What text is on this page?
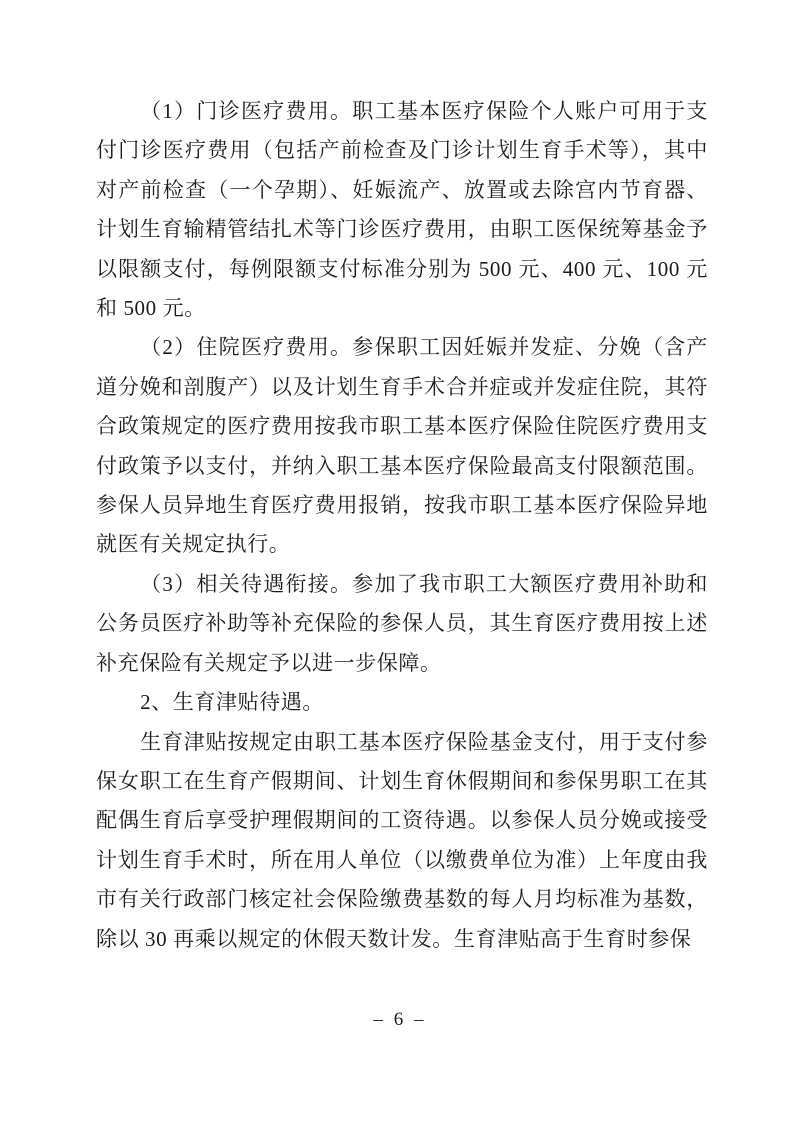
（1）门诊医疗费用。职工基本医疗保险个人账户可用于支付门诊医疗费用（包括产前检查及门诊计划生育手术等），其中对产前检查（一个孕期）、妊娠流产、放置或去除宫内节育器、计划生育输精管结扎术等门诊医疗费用，由职工医保统筹基金予以限额支付，每例限额支付标准分别为 500 元、400 元、100 元和 500 元。

（2）住院医疗费用。参保职工因妊娠并发症、分娩（含产道分娩和剖腹产）以及计划生育手术合并症或并发症住院，其符合政策规定的医疗费用按我市职工基本医疗保险住院医疗费用支付政策予以支付，并纳入职工基本医疗保险最高支付限额范围。参保人员异地生育医疗费用报销，按我市职工基本医疗保险异地就医有关规定执行。

（3）相关待遇衔接。参加了我市职工大额医疗费用补助和公务员医疗补助等补充保险的参保人员，其生育医疗费用按上述补充保险有关规定予以进一步保障。

2、生育津贴待遇。

生育津贴按规定由职工基本医疗保险基金支付，用于支付参保女职工在生育产假期间、计划生育休假期间和参保男职工在其配偶生育后享受护理假期间的工资待遇。以参保人员分娩或接受计划生育手术时，所在用人单位（以缴费单位为准）上年度由我市有关行政部门核定社会保险缴费基数的每人月均标准为基数，除以 30 再乘以规定的休假天数计发。生育津贴高于生育时参保

– 6 –
